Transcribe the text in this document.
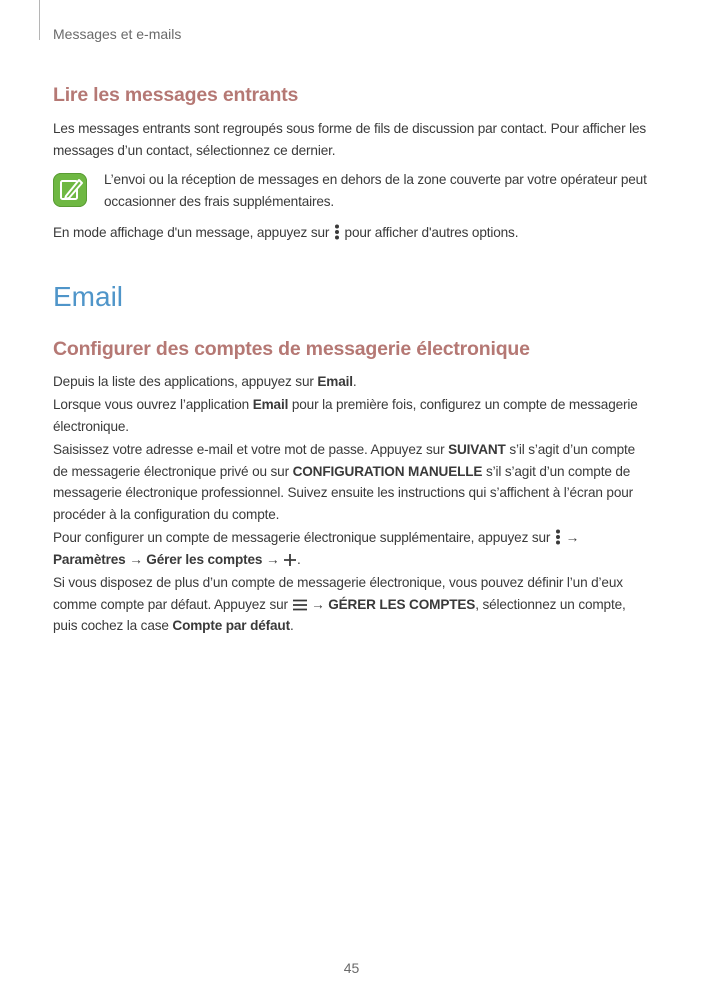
Messages et e-mails
Lire les messages entrants

Les messages entrants sont regroupés sous forme de fils de discussion par contact. Pour afficher les messages d’un contact, sélectionnez ce dernier.

L’envoi ou la réception de messages en dehors de la zone couverte par votre opérateur peut occasionner des frais supplémentaires.

En mode affichage d'un message, appuyez sur pour afficher d'autres options.

Email
Configurer des comptes de messagerie électronique

Depuis la liste des applications, appuyez sur Email.

Lorsque vous ouvrez l’application Email pour la première fois, configurez un compte de messagerie électronique.

Saisissez votre adresse e-mail et votre mot de passe. Appuyez sur SUIVANT s’il s’agit d’un compte de messagerie électronique privé ou sur CONFIGURATION MANUELLE s’il s’agit d’un compte de messagerie électronique professionnel. Suivez ensuite les instructions qui s’affichent à l’écran pour procéder à la configuration du compte.

Pour configurer un compte de messagerie électronique supplémentaire, appuyez sur  → Paramètres → Gérer les comptes → .

Si vous disposez de plus d’un compte de messagerie électronique, vous pouvez définir l’un d’eux comme compte par défaut. Appuyez sur  → GÉRER LES COMPTES, sélectionnez un compte, puis cochez la case Compte par défaut.

45
